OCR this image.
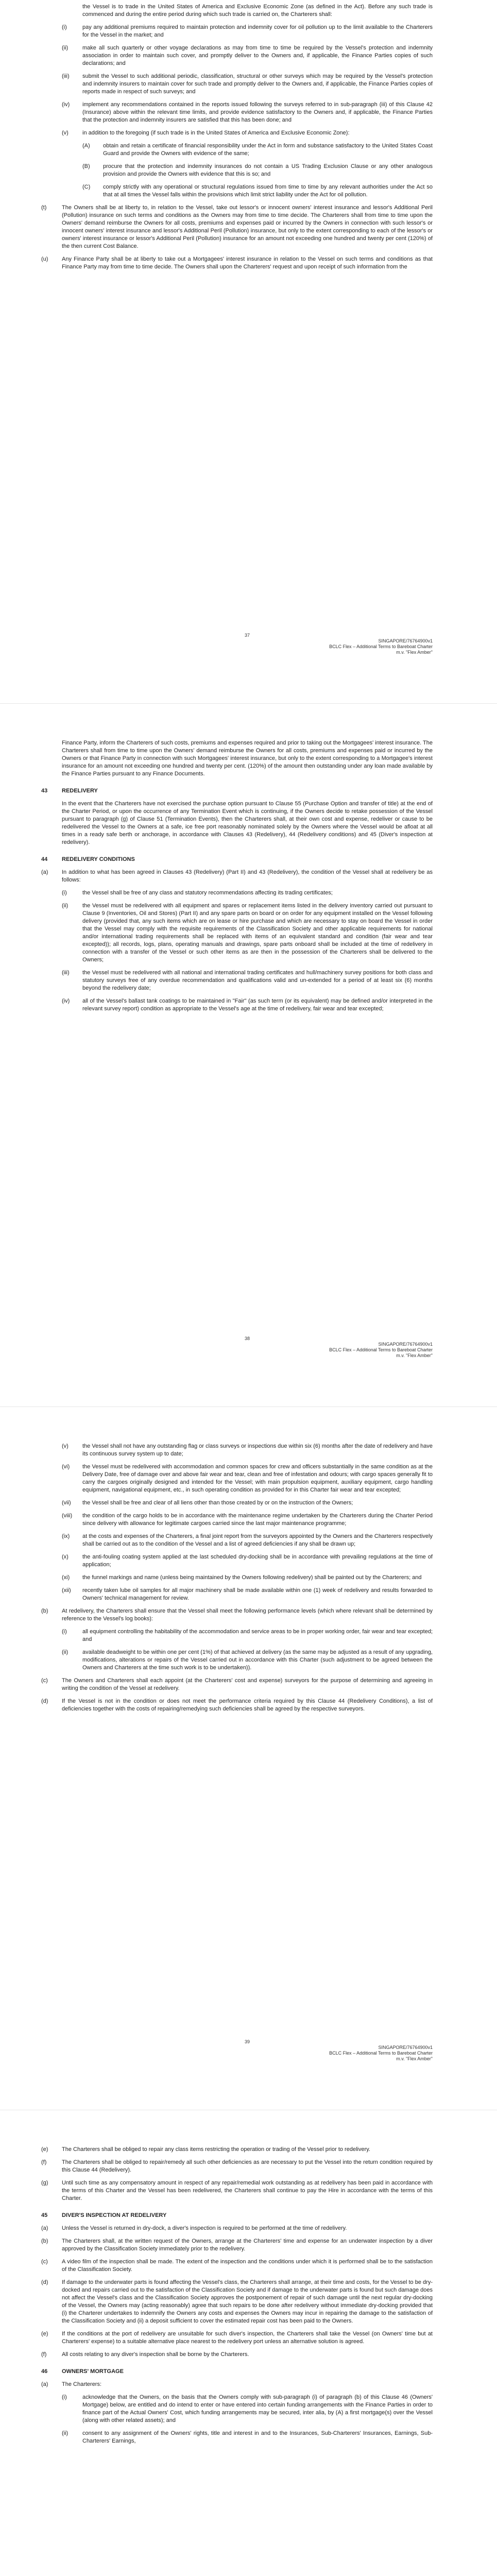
the Vessel is to trade in the United States of America and Exclusive Economic Zone (as defined in the Act). Before any such trade is commenced and during the entire period during which such trade is carried on, the Charterers shall:
(i)	pay any additional premiums required to maintain protection and indemnity cover for oil pollution up to the limit available to the Charterers for the Vessel in the market; and
(ii)	make all such quarterly or other voyage declarations as may from time to time be required by the Vessel's protection and indemnity association in order to maintain such cover, and promptly deliver to the Owners and, if applicable, the Finance Parties copies of such declarations; and
(iii) submit the Vessel to such additional periodic, classification, structural or other surveys which may be required by the Vessel's protection and indemnity insurers to maintain cover for such trade and promptly deliver to the Owners and, if applicable, the Finance Parties copies of reports made in respect of such surveys; and
(iv) implement any recommendations contained in the reports issued following the surveys referred to in sub-paragraph (iii) of this Clause 42 (Insurance) above within the relevant time limits, and provide evidence satisfactory to the Owners and, if applicable, the Finance Parties that the protection and indemnity insurers are satisfied that this has been done; and
(v) in addition to the foregoing (if such trade is in the United States of America and Exclusive Economic Zone):
(A) obtain and retain a certificate of financial responsibility under the Act in form and substance satisfactory to the United States Coast Guard and provide the Owners with evidence of the same;
(B) procure that the protection and indemnity insurances do not contain a US Trading Exclusion Clause or any other analogous provision and provide the Owners with evidence that this is so; and
(C) comply strictly with any operational or structural regulations issued from time to time by any relevant authorities under the Act so that at all times the Vessel falls within the provisions which limit strict liability under the Act for oil pollution.
(t)	The Owners shall be at liberty to, in relation to the Vessel, take out lessor's or innocent owners' interest insurance and lessor's Additional Peril (Pollution) insurance on such terms and conditions as the Owners may from time to time decide. The Charterers shall from time to time upon the Owners' demand reimburse the Owners for all costs, premiums and expenses paid or incurred by the Owners in connection with such lessor's or innocent owners' interest insurance and lessor's Additional Peril (Pollution) insurance, but only to the extent corresponding to each of the lessor's or owners' interest insurance or lessor's Additional Peril (Pollution) insurance for an amount not exceeding one hundred and twenty per cent (120%) of the then current Cost Balance.
(u) Any Finance Party shall be at liberty to take out a Mortgagees' interest insurance in relation to the Vessel on such terms and conditions as that Finance Party may from time to time decide. The Owners shall upon the Charterers' request and upon receipt of such information from the
37
SINGAPORE/76764900v1
BCLC Flex – Additional Terms to Bareboat Charter
m.v. "Flex Amber"
Finance Party, inform the Charterers of such costs, premiums and expenses required and prior to taking out the Mortgagees' interest insurance. The Charterers shall from time to time upon the Owners' demand reimburse the Owners for all costs, premiums and expenses paid or incurred by the Owners or that Finance Party in connection with such Mortgagees' interest insurance, but only to the extent corresponding to a Mortgagee's interest insurance for an amount not exceeding one hundred and twenty per cent. (120%) of the amount then outstanding under any loan made available by the Finance Parties pursuant to any Finance Documents.
43	REDELIVERY
In the event that the Charterers have not exercised the purchase option pursuant to Clause 55 (Purchase Option and transfer of title) at the end of the Charter Period, or upon the occurrence of any Termination Event which is continuing, if the Owners decide to retake possession of the Vessel pursuant to paragraph (g) of Clause 51 (Termination Events), then the Charterers shall, at their own cost and expense, redeliver or cause to be redelivered the Vessel to the Owners at a safe, ice free port reasonably nominated solely by the Owners where the Vessel would be afloat at all times in a ready safe berth or anchorage, in accordance with Clauses 43 (Redelivery), 44 (Redelivery conditions) and 45 (Diver's inspection at redelivery).
44	REDELIVERY CONDITIONS
(a) In addition to what has been agreed in Clauses 43 (Redelivery) (Part II) and 43 (Redelivery), the condition of the Vessel shall at redelivery be as follows:
(i)	the Vessel shall be free of any class and statutory recommendations affecting its trading certificates;
(ii)	the Vessel must be redelivered with all equipment and spares or replacement items listed in the delivery inventory carried out pursuant to Clause 9 (Inventories, Oil and Stores) (Part II) and any spare parts on board or on order for any equipment installed on the Vessel following delivery (provided that, any such items which are on lease or hire purchase and which are necessary to stay on board the Vessel in order that the Vessel may comply with the requisite requirements of the Classification Society and other applicable requirements for national and/or international trading requirements shall be replaced with items of an equivalent standard and condition (fair wear and tear excepted)); all records, logs, plans, operating manuals and drawings, spare parts onboard shall be included at the time of redelivery in connection with a transfer of the Vessel or such other items as are then in the possession of the Charterers shall be delivered to the Owners;
(iii) the Vessel must be redelivered with all national and international trading certificates and hull/machinery survey positions for both class and statutory surveys free of any overdue recommendation and qualifications valid and un-extended for a period of at least six (6) months beyond the redelivery date;
(iv) all of the Vessel's ballast tank coatings to be maintained in "Fair" (as such term (or its equivalent) may be defined and/or interpreted in the relevant survey report) condition as appropriate to the Vessel's age at the time of redelivery, fair wear and tear excepted;
38
SINGAPORE/76764900v1
BCLC Flex – Additional Terms to Bareboat Charter
m.v. "Flex Amber"
(v) the Vessel shall not have any outstanding flag or class surveys or inspections due within six (6) months after the date of redelivery and have its continuous survey system up to date;
(vi) the Vessel must be redelivered with accommodation and common spaces for crew and officers substantially in the same condition as at the Delivery Date, free of damage over and above fair wear and tear, clean and free of infestation and odours; with cargo spaces generally fit to carry the cargoes originally designed and intended for the Vessel; with main propulsion equipment, auxiliary equipment, cargo handling equipment, navigational equipment, etc., in such operating condition as provided for in this Charter fair wear and tear excepted;
(vii) the Vessel shall be free and clear of all liens other than those created by or on the instruction of the Owners;
(viii) the condition of the cargo holds to be in accordance with the maintenance regime undertaken by the Charterers during the Charter Period since delivery with allowance for legitimate cargoes carried since the last major maintenance programme;
(ix) at the costs and expenses of the Charterers, a final joint report from the surveyors appointed by the Owners and the Charterers respectively shall be carried out as to the condition of the Vessel and a list of agreed deficiencies if any shall be drawn up;
(x) the anti-fouling coating system applied at the last scheduled dry-docking shall be in accordance with prevailing regulations at the time of application;
(xi) the funnel markings and name (unless being maintained by the Owners following redelivery) shall be painted out by the Charterers; and
(xii) recently taken lube oil samples for all major machinery shall be made available within one (1) week of redelivery and results forwarded to Owners' technical management for review.
(b) At redelivery, the Charterers shall ensure that the Vessel shall meet the following performance levels (which where relevant shall be determined by reference to the Vessel's log books):
(i)	all equipment controlling the habitability of the accommodation and service areas to be in proper working order, fair wear and tear excepted; and
(ii)	available deadweight to be within one per cent (1%) of that achieved at delivery (as the same may be adjusted as a result of any upgrading, modifications, alterations or repairs of the Vessel carried out in accordance with this Charter (such adjustment to be agreed between the Owners and Charterers at the time such work is to be undertaken)).
(c) The Owners and Charterers shall each appoint (at the Charterers' cost and expense) surveyors for the purpose of determining and agreeing in writing the condition of the Vessel at redelivery.
(d) If the Vessel is not in the condition or does not meet the performance criteria required by this Clause 44 (Redelivery Conditions), a list of deficiencies together with the costs of repairing/remedying such deficiencies shall be agreed by the respective surveyors.
39
SINGAPORE/76764900v1
BCLC Flex – Additional Terms to Bareboat Charter
m.v. "Flex Amber"
(e) The Charterers shall be obliged to repair any class items restricting the operation or trading of the Vessel prior to redelivery.
(f)	The Charterers shall be obliged to repair/remedy all such other deficiencies as are necessary to put the Vessel into the return condition required by this Clause 44 (Redelivery).
(g) Until such time as any compensatory amount in respect of any repair/remedial work outstanding as at redelivery has been paid in accordance with the terms of this Charter and the Vessel has been redelivered, the Charterers shall continue to pay the Hire in accordance with the terms of this Charter.
45	DIVER'S INSPECTION AT REDELIVERY
(a) Unless the Vessel is returned in dry-dock, a diver's inspection is required to be performed at the time of redelivery.
(b) The Charterers shall, at the written request of the Owners, arrange at the Charterers' time and expense for an underwater inspection by a diver approved by the Classification Society immediately prior to the redelivery.
(c) A video film of the inspection shall be made. The extent of the inspection and the conditions under which it is performed shall be to the satisfaction of the Classification Society.
(d) If damage to the underwater parts is found affecting the Vessel's class, the Charterers shall arrange, at their time and costs, for the Vessel to be dry-docked and repairs carried out to the satisfaction of the Classification Society and if damage to the underwater parts is found but such damage does not affect the Vessel's class and the Classification Society approves the postponement of repair of such damage until the next regular dry-docking of the Vessel, the Owners may (acting reasonably) agree that such repairs to be done after redelivery without immediate dry-docking provided that (i) the Charterer undertakes to indemnify the Owners any costs and expenses the Owners may incur in repairing the damage to the satisfaction of the Classification Society and (ii) a deposit sufficient to cover the estimated repair cost has been paid to the Owners.
(e) If the conditions at the port of redelivery are unsuitable for such diver's inspection, the Charterers shall take the Vessel (on Owners' time but at Charterers' expense) to a suitable alternative place nearest to the redelivery port unless an alternative solution is agreed.
(f)	All costs relating to any diver's inspection shall be borne by the Charterers.
46	OWNERS' MORTGAGE
(a) The Charterers:
(i)	acknowledge that the Owners, on the basis that the Owners comply with sub-paragraph (i) of paragraph (b) of this Clause 46 (Owners' Mortgage) below, are entitled and do intend to enter or have entered into certain funding arrangements with the Finance Parties in order to finance part of the Actual Owners' Cost, which funding arrangements may be secured, inter alia, by (A) a first mortgage(s) over the Vessel (along with other related assets); and
(ii)	consent to any assignment of the Owners' rights, title and interest in and to the Insurances, Sub-Charterers' Insurances, Earnings, Sub-Charterers' Earnings,
